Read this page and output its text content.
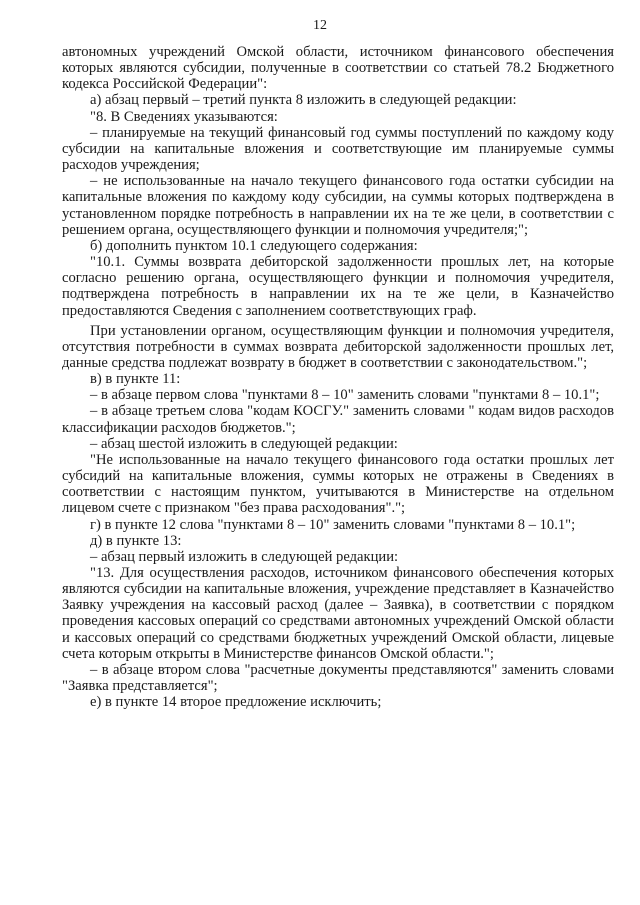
12

автономных учреждений Омской области, источником финансового обеспечения которых являются субсидии, полученные в соответствии со статьей 78.2 Бюджетного кодекса Российской Федерации":

а) абзац первый – третий пункта 8 изложить в следующей редакции:

"8. В Сведениях указываются:

– планируемые на текущий финансовый год суммы поступлений по каждому коду субсидии на капитальные вложения и соответствующие им планируемые суммы расходов учреждения;

– не использованные на начало текущего финансового года остатки субсидии на капитальные вложения по каждому коду субсидии, на суммы которых подтверждена в установленном порядке потребность в направлении их на те же цели, в соответствии с решением органа, осуществляющего функции и полномочия учредителя;";

б) дополнить пунктом 10.1 следующего содержания:

"10.1. Суммы возврата дебиторской задолженности прошлых лет, на которые согласно решению органа, осуществляющего функции и полномочия учредителя, подтверждена потребность в направлении их на те же цели, в Казначейство предоставляются Сведения с заполнением соответствующих граф.

При установлении органом, осуществляющим функции и полномочия учредителя, отсутствия потребности в суммах возврата дебиторской задолженности прошлых лет, данные средства подлежат возврату в бюджет в соответствии с законодательством.";

в) в пункте 11:

– в абзаце первом слова "пунктами 8 – 10" заменить словами "пунктами 8 – 10.1";

– в абзаце третьем слова "кодам КОСГУ." заменить словами " кодам видов расходов классификации расходов бюджетов.";

– абзац шестой изложить в следующей редакции:

"Не использованные на начало текущего финансового года остатки прошлых лет субсидий на капитальные вложения, суммы которых не отражены в Сведениях в соответствии с настоящим пунктом, учитываются в Министерстве на отдельном лицевом счете с признаком "без права расходования".";

г) в пункте 12 слова "пунктами 8 – 10" заменить словами "пунктами 8 – 10.1";

д) в пункте 13:

– абзац первый изложить в следующей редакции:

"13. Для осуществления расходов, источником финансового обеспечения которых являются субсидии на капитальные вложения, учреждение представляет в Казначейство Заявку учреждения на кассовый расход (далее – Заявка), в соответствии с порядком проведения кассовых операций со средствами автономных учреждений Омской области и кассовых операций со средствами бюджетных учреждений Омской области, лицевые счета которым открыты в Министерстве финансов Омской области.";

– в абзаце втором слова "расчетные документы представляются" заменить словами "Заявка представляется";

е) в пункте 14 второе предложение исключить;
